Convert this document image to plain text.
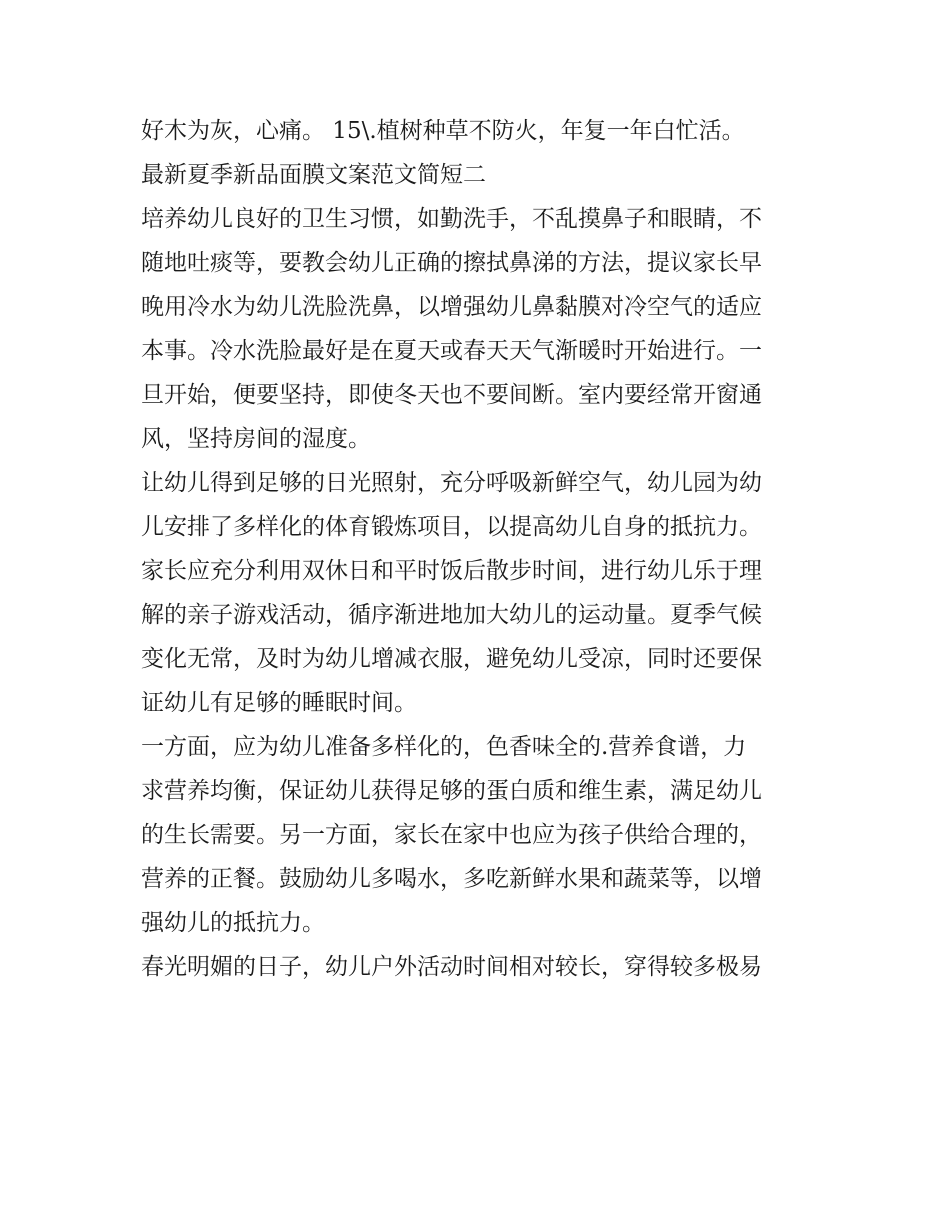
好木为灰，心痛。 15\.植树种草不防火，年复一年白忙活。
最新夏季新品面膜文案范文简短二
培养幼儿良好的卫生习惯，如勤洗手，不乱摸鼻子和眼睛，不
随地吐痰等，要教会幼儿正确的擦拭鼻涕的方法，提议家长早
晚用冷水为幼儿洗脸洗鼻，以增强幼儿鼻黏膜对冷空气的适应
本事。冷水洗脸最好是在夏天或春天天气渐暖时开始进行。一
旦开始，便要坚持，即使冬天也不要间断。室内要经常开窗通
风，坚持房间的湿度。
让幼儿得到足够的日光照射，充分呼吸新鲜空气，幼儿园为幼
儿安排了多样化的体育锻炼项目，以提高幼儿自身的抵抗力。
家长应充分利用双休日和平时饭后散步时间，进行幼儿乐于理
解的亲子游戏活动，循序渐进地加大幼儿的运动量。夏季气候
变化无常，及时为幼儿增减衣服，避免幼儿受凉，同时还要保
证幼儿有足够的睡眠时间。
一方面，应为幼儿准备多样化的，色香味全的.营养食谱，力
求营养均衡，保证幼儿获得足够的蛋白质和维生素，满足幼儿
的生长需要。另一方面，家长在家中也应为孩子供给合理的，
营养的正餐。鼓励幼儿多喝水，多吃新鲜水果和蔬菜等，以增
强幼儿的抵抗力。
春光明媚的日子，幼儿户外活动时间相对较长，穿得较多极易
